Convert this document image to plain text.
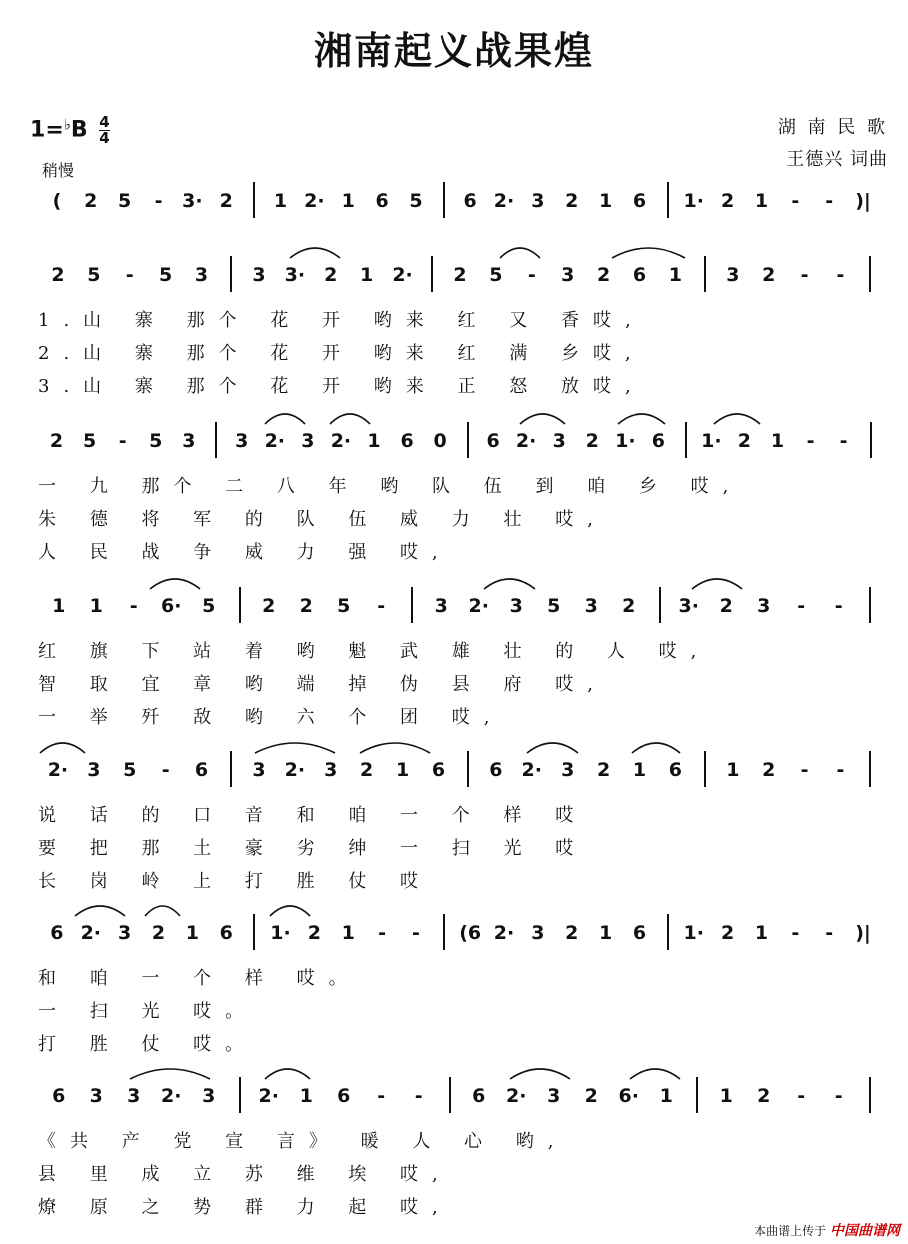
湘南起义战果煌
$1=^♭B \frac{4}{4}$
稍慢
湖 南 民 歌
王德兴 词曲
( 2 5 - 3· 2 1 2· 1 6 5 6 2· 3 2 1 6 1· 2 1 - - )|
2 5 - 5 3 3 3· 2 1 2· 2 5 - 3 2 6 1 3 2 - -
1.山 寨 那个 花 开 哟来 红 又 香哎,
2.山 寨 那个 花 开 哟来 红 满 乡哎,
3.山 寨 那个 花 开 哟来 正 怒 放哎,
2 5 - 5 3 3 2· 3 2· 1 6 0 6 2· 3 2 1· 6 1· 2 1 - -
一 九 那个 二 八 年 哟 队 伍 到 咱 乡 哎,
朱 德 将 军 的 队 伍 威 力 壮 哎,
人 民 战 争 威 力 强 哎,
1 1 - 6· 5 2 2 5 -	3 2· 3 5 3 2 3· 2 3 - -
红 旗 下 站 着 哟 魁 武 雄 壮 的 人 哎,
智 取 宜 章 哟 端 掉 伪 县 府 哎,
一 举 歼 敌 哟 六 个 团 哎,
2· 3 5 - 6 3 2· 3 2 1 6 6 2· 3 2 1 6 1 2 - -
说 话 的 口 音 和 咱 一 个 样 哎
要 把 那 土 豪 劣 绅 一 扫 光 哎
长 岗 岭 上 打 胜 仗 哎
6 2· 3 2 1 6 1· 2 1 - - (6 2· 3 2 1 6 1· 2 1 - - )|
和 咱 一 个 样 哎。
一 扫 光 哎。
打 胜 仗 哎。
6 3 3 2· 3 2· 1 6 - -	6 2· 3 2 6· 1 1 2 - -
《共 产 党 宣 言》 暖 人 心 哟,
县 里 成 立 苏 维 埃 哎,
燎 原 之 势 群 力 起 哎,
本曲谱上传于 中国曲谱网
